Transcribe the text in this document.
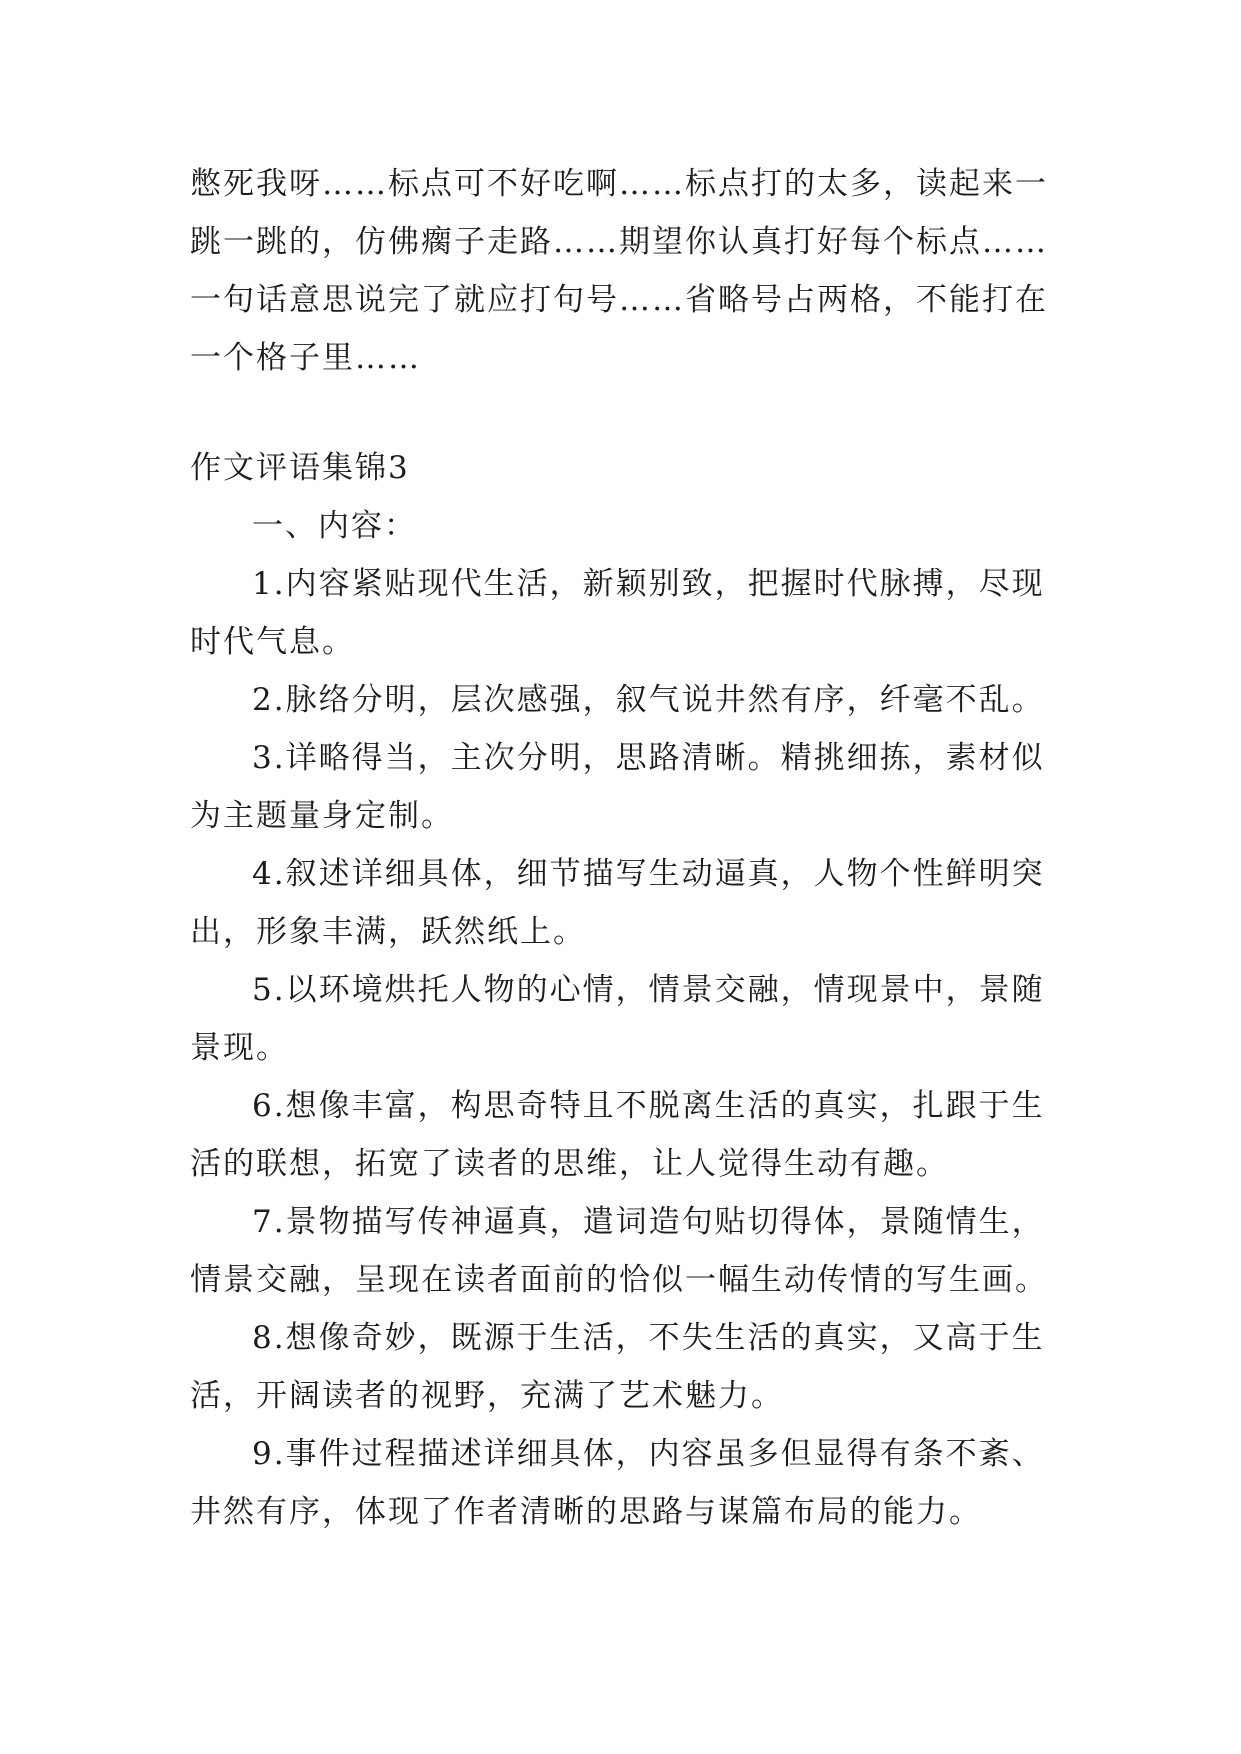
憋死我呀……标点可不好吃啊……标点打的太多，读起来一跳一跳的，仿佛瘸子走路……期望你认真打好每个标点……一句话意思说完了就应打句号……省略号占两格，不能打在一个格子里……

作文评语集锦3

一、内容：

1.内容紧贴现代生活，新颖别致，把握时代脉搏，尽现时代气息。

2.脉络分明，层次感强，叙气说井然有序，纤毫不乱。

3.详略得当，主次分明，思路清晰。精挑细拣，素材似为主题量身定制。

4.叙述详细具体，细节描写生动逼真，人物个性鲜明突出，形象丰满，跃然纸上。

5.以环境烘托人物的心情，情景交融，情现景中，景随景现。

6.想像丰富，构思奇特且不脱离生活的真实，扎跟于生活的联想，拓宽了读者的思维，让人觉得生动有趣。

7.景物描写传神逼真，遣词造句贴切得体，景随情生，情景交融，呈现在读者面前的恰似一幅生动传情的写生画。

8.想像奇妙，既源于生活，不失生活的真实，又高于生活，开阔读者的视野，充满了艺术魅力。

9.事件过程描述详细具体，内容虽多但显得有条不紊、井然有序，体现了作者清晰的思路与谋篇布局的能力。
